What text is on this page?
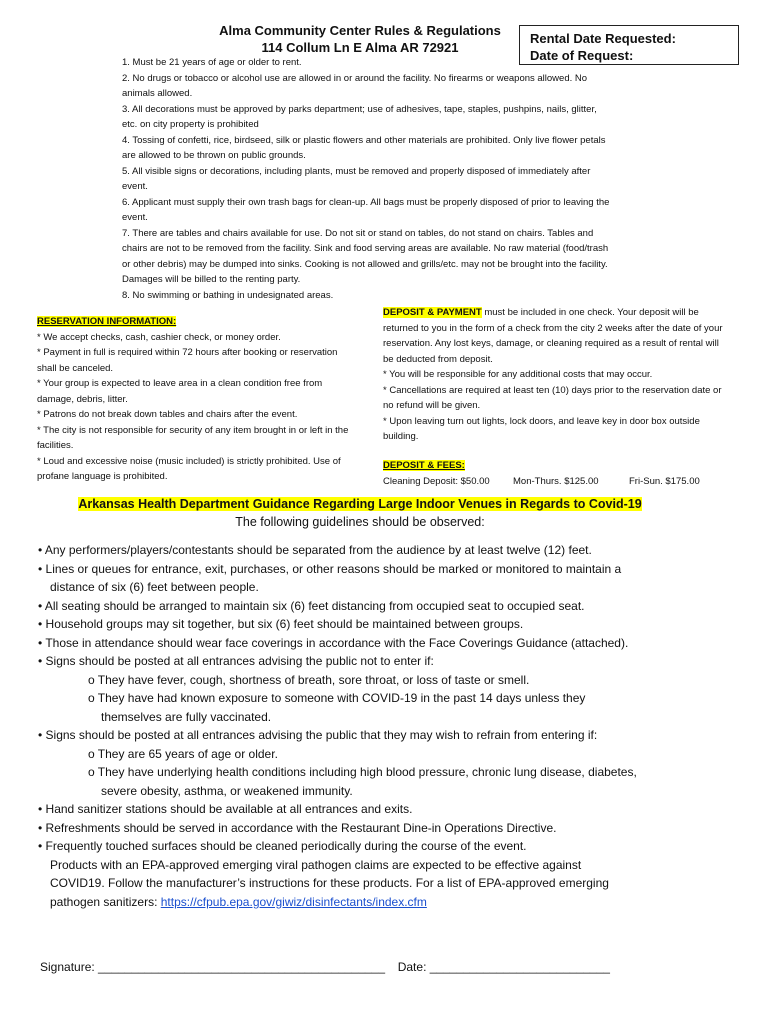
Alma Community Center Rules & Regulations
114 Collum Ln E Alma AR 72921
Rental Date Requested:
Date of Request:

1. Must be 21 years of age or older to rent.

2. No drugs or tobacco or alcohol use are allowed in or around the facility. No firearms or weapons allowed. No animals allowed.

3. All decorations must be approved by parks department; use of adhesives, tape, staples, pushpins, nails, glitter, etc. on city property is prohibited

4. Tossing of confetti, rice, birdseed, silk or plastic flowers and other materials are prohibited. Only live flower petals are allowed to be thrown on public grounds.

5. All visible signs or decorations, including plants, must be removed and properly disposed of immediately after event.

6. Applicant must supply their own trash bags for clean-up. All bags must be properly disposed of prior to leaving the event.

7. There are tables and chairs available for use. Do not sit or stand on tables, do not stand on chairs. Tables and chairs are not to be removed from the facility. Sink and food serving areas are available. No raw material (food/trash or other debris) may be dumped into sinks. Cooking is not allowed and grills/etc. may not be brought into the facility. Damages will be billed to the renting party.

8. No swimming or bathing in undesignated areas.

RESERVATION INFORMATION:

* We accept checks, cash, cashier check, or money order.

* Payment in full is required within 72 hours after booking or reservation shall be canceled.

* Your group is expected to leave area in a clean condition free from damage, debris, litter.

* Patrons do not break down tables and chairs after the event.

* The city is not responsible for security of any item brought in or left in the facilities.

* Loud and excessive noise (music included) is strictly prohibited. Use of profane language is prohibited.

DEPOSIT & PAYMENT must be included in one check. Your deposit will be returned to you in the form of a check from the city 2 weeks after the date of your reservation. Any lost keys, damage, or cleaning required as a result of rental will be deducted from deposit.

* You will be responsible for any additional costs that may occur.

* Cancellations are required at least ten (10) days prior to the reservation date or no refund will be given.

* Upon leaving turn out lights, lock doors, and leave key in door box outside building.

DEPOSIT & FEES:
Cleaning Deposit: $50.00 Mon-Thurs. $125.00	Fri-Sun. $175.00
Arkansas Health Department Guidance Regarding Large Indoor Venues in Regards to Covid-19
The following guidelines should be observed:

• Any performers/players/contestants should be separated from the audience by at least twelve (12) feet.

• Lines or queues for entrance, exit, purchases, or other reasons should be marked or monitored to maintain a

distance of six (6) feet between people.

• All seating should be arranged to maintain six (6) feet distancing from occupied seat to occupied seat.

• Household groups may sit together, but six (6) feet should be maintained between groups.

• Those in attendance should wear face coverings in accordance with the Face Coverings Guidance (attached).

• Signs should be posted at all entrances advising the public not to enter if:

o They have fever, cough, shortness of breath, sore throat, or loss of taste or smell.

o They have had known exposure to someone with COVID-19 in the past 14 days unless they

themselves are fully vaccinated.

• Signs should be posted at all entrances advising the public that they may wish to refrain from entering if:

o They are 65 years of age or older.

o They have underlying health conditions including high blood pressure, chronic lung disease, diabetes,

severe obesity, asthma, or weakened immunity.

• Hand sanitizer stations should be available at all entrances and exits.

• Refreshments should be served in accordance with the Restaurant Dine-in Operations Directive.

• Frequently touched surfaces should be cleaned periodically during the course of the event.

Products with an EPA-approved emerging viral pathogen claims are expected to be effective against

COVID19. Follow the manufacturer’s instructions for these products. For a list of EPA-approved emerging

pathogen sanitizers: https://cfpub.epa.gov/giwiz/disinfectants/index.cfm

Signature: ___________________________________________ Date: ___________________________
